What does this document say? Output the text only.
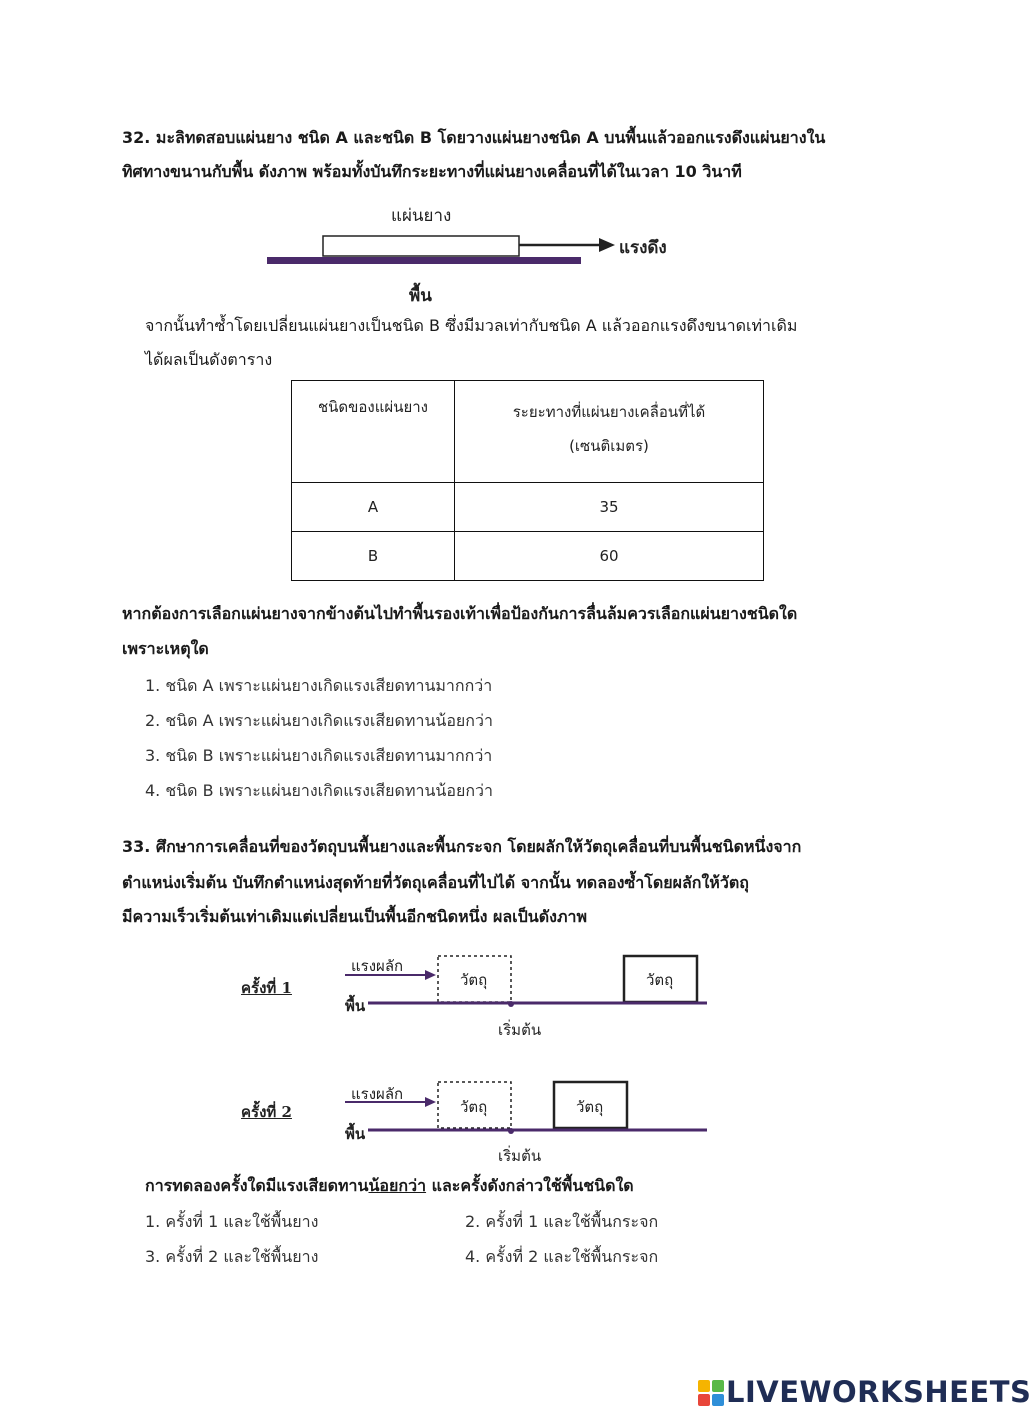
32. มะลิทดสอบแผ่นยาง ชนิด A และชนิด B โดยวางแผ่นยางชนิด A บนพื้นแล้วออกแรงดึงแผ่นยางใน
ทิศทางขนานกับพื้น ดังภาพ พร้อมทั้งบันทึกระยะทางที่แผ่นยางเคลื่อนที่ได้ในเวลา 10 วินาที
แผ่นยาง
แรงดึง
พื้น
จากนั้นทำซ้ำโดยเปลี่ยนแผ่นยางเป็นชนิด B ซึ่งมีมวลเท่ากับชนิด A แล้วออกแรงดึงขนาดเท่าเดิม
ได้ผลเป็นดังตาราง
ชนิดของแผ่นยาง	ระยะทางที่แผ่นยางเคลื่อนที่ได้
(เซนติเมตร)

A	35
B	60
หากต้องการเลือกแผ่นยางจากข้างต้นไปทำพื้นรองเท้าเพื่อป้องกันการลื่นล้มควรเลือกแผ่นยางชนิดใด
เพราะเหตุใด
1. ชนิด A เพราะแผ่นยางเกิดแรงเสียดทานมากกว่า
2. ชนิด A เพราะแผ่นยางเกิดแรงเสียดทานน้อยกว่า
3. ชนิด B เพราะแผ่นยางเกิดแรงเสียดทานมากกว่า
4. ชนิด B เพราะแผ่นยางเกิดแรงเสียดทานน้อยกว่า
33. ศึกษาการเคลื่อนที่ของวัตถุบนพื้นยางและพื้นกระจก โดยผลักให้วัตถุเคลื่อนที่บนพื้นชนิดหนึ่งจาก
ตำแหน่งเริ่มต้น บันทึกตำแหน่งสุดท้ายที่วัตถุเคลื่อนที่ไปได้ จากนั้น ทดลองซ้ำโดยผลักให้วัตถุ
มีความเร็วเริ่มต้นเท่าเดิมแต่เปลี่ยนเป็นพื้นอีกชนิดหนึ่ง ผลเป็นดังภาพ
ครั้งที่ 1
แรงผลัก
วัตถุ	วัตถุ
พื้น
เริ่มต้น
ครั้งที่ 2
แรงผลัก
วัตถุ	วัตถุ
พื้น
เริ่มต้น
การทดลองครั้งใดมีแรงเสียดทานน้อยกว่า และครั้งดังกล่าวใช้พื้นชนิดใด
1. ครั้งที่ 1 และใช้พื้นยาง	2. ครั้งที่ 1 และใช้พื้นกระจก
3. ครั้งที่ 2 และใช้พื้นยาง	4. ครั้งที่ 2 และใช้พื้นกระจก
LIVEWORKSHEETS
